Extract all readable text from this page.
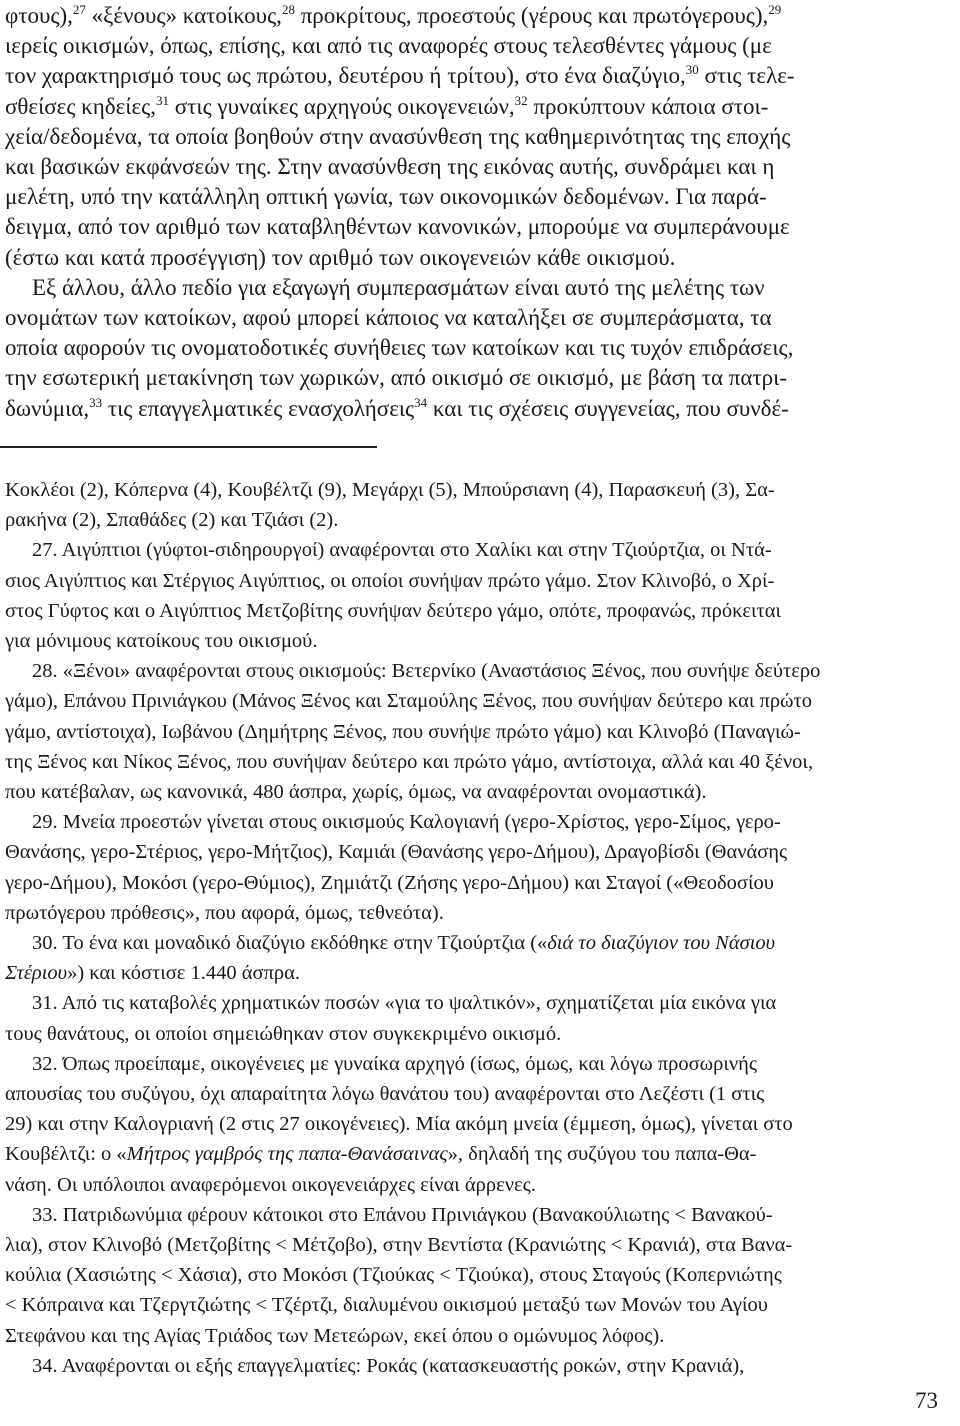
φτους),$^{27}$ «ξένους» κατοίκους,$^{28}$ προκρίτους, προεστούς (γέρους και πρωτόγερους),$^{29}$
ιερείς οικισμών, όπως, επίσης, και από τις αναφορές στους τελεσθέντες γάμους (με
τον χαρακτηρισμό τους ως πρώτου, δευτέρου ή τρίτου), στο ένα διαζύγιο,$^{30}$ στις τελε-
σθείσες κηδείες,$^{31}$ στις γυναίκες αρχηγούς οικογενειών,$^{32}$ προκύπτουν κάποια στοι-
χεία/δεδομένα, τα οποία βοηθούν στην ανασύνθεση της καθημερινότητας της εποχής
και βασικών εκφάνσεών της. Στην ανασύνθεση της εικόνας αυτής, συνδράμει και η
μελέτη, υπό την κατάλληλη οπτική γωνία, των οικονομικών δεδομένων. Για παρά-
δειγμα, από τον αριθμό των καταβληθέντων κανονικών, μπορούμε να συμπεράνουμε
(έστω και κατά προσέγγιση) τον αριθμό των οικογενειών κάθε οικισμού.
Εξ άλλου, άλλο πεδίο για εξαγωγή συμπερασμάτων είναι αυτό της μελέτης των
ονομάτων των κατοίκων, αφού μπορεί κάποιος να καταλήξει σε συμπεράσματα, τα
οποία αφορούν τις ονοματοδοτικές συνήθειες των κατοίκων και τις τυχόν επιδράσεις,
την εσωτερική μετακίνηση των χωρικών, από οικισμό σε οικισμό, με βάση τα πατρι-
δωνύμια,$^{33}$ τις επαγγελματικές ενασχολήσεις$^{34}$ και τις σχέσεις συγγενείας, που συνδέ-
Κοκλέοι (2), Κόπερνα (4), Κουβέλτζι (9), Μεγάρχι (5), Μπούρσιανη (4), Παρασκευή (3), Σα-
ρακήνα (2), Σπαθάδες (2) και Τζιάσι (2).
27. Αιγύπτιοι (γύφτοι-σιδηρουργοί) αναφέρονται στο Χαλίκι και στην Τζιούρτζια, οι Ντά-
σιος Αιγύπτιος και Στέργιος Αιγύπτιος, οι οποίοι συνήψαν πρώτο γάμο. Στον Κλινοβό, ο Χρί-
στος Γύφτος και ο Αιγύπτιος Μετζοβίτης συνήψαν δεύτερο γάμο, οπότε, προφανώς, πρόκειται
για μόνιμους κατοίκους του οικισμού.
28. «Ξένοι» αναφέρονται στους οικισμούς: Βετερνίκο (Αναστάσιος Ξένος, που συνήψε δεύτερο
γάμο), Επάνου Πρινιάγκου (Μάνος Ξένος και Σταμούλης Ξένος, που συνήψαν δεύτερο και πρώτο
γάμο, αντίστοιχα), Ιωβάνου (Δημήτρης Ξένος, που συνήψε πρώτο γάμο) και Κλινοβό (Παναγιώ-
της Ξένος και Νίκος Ξένος, που συνήψαν δεύτερο και πρώτο γάμο, αντίστοιχα, αλλά και 40 ξένοι,
που κατέβαλαν, ως κανονικά, 480 άσπρα, χωρίς, όμως, να αναφέρονται ονομαστικά).
29. Μνεία προεστών γίνεται στους οικισμούς Καλογιανή (γερο-Χρίστος, γερο-Σίμος, γερο-
Θανάσης, γερο-Στέριος, γερο-Μήτζιος), Καμιάι (Θανάσης γερο-Δήμου), Δραγοβίσδι (Θανάσης
γερο-Δήμου), Μοκόσι (γερο-Θύμιος), Ζημιάτζι (Ζήσης γερο-Δήμου) και Σταγοί («Θεοδοσίου
πρωτόγερου πρόθεσις», που αφορά, όμως, τεθνεότα).
30. Το ένα και μοναδικό διαζύγιο εκδόθηκε στην Τζιούρτζια («διά το διαζύγιον του Νάσιου
Στέριου») και κόστισε 1.440 άσπρα.
31. Από τις καταβολές χρηματικών ποσών «για το ψαλτικόν», σχηματίζεται μία εικόνα για
τους θανάτους, οι οποίοι σημειώθηκαν στον συγκεκριμένο οικισμό.
32. Όπως προείπαμε, οικογένειες με γυναίκα αρχηγό (ίσως, όμως, και λόγω προσωρινής
απουσίας του συζύγου, όχι απαραίτητα λόγω θανάτου του) αναφέρονται στο Λεζέστι (1 στις
29) και στην Καλογριανή (2 στις 27 οικογένειες). Μία ακόμη μνεία (έμμεση, όμως), γίνεται στο
Κουβέλτζι: ο «Μήτρος γαμβρός της παπα-Θανάσαινας», δηλαδή της συζύγου του παπα-Θα-
νάση. Οι υπόλοιποι αναφερόμενοι οικογενειάρχες είναι άρρενες.
33. Πατριδωνύμια φέρουν κάτοικοι στο Επάνου Πρινιάγκου (Βανακούλιωτης < Βανακού-
λια), στον Κλινοβό (Μετζοβίτης < Μέτζοβο), στην Βεντίστα (Κρανιώτης < Κρανιά), στα Βανα-
κούλια (Χασιώτης < Χάσια), στο Μοκόσι (Τζιούκας < Τζιούκα), στους Σταγούς (Κοπερνιώτης
< Κόπραινα και Τζεργτζιώτης < Τζέρτζι, διαλυμένου οικισμού μεταξύ των Μονών του Αγίου
Στεφάνου και της Αγίας Τριάδος των Μετεώρων, εκεί όπου ο ομώνυμος λόφος).
34. Αναφέρονται οι εξής επαγγελματίες: Ροκάς (κατασκευαστής ροκών, στην Κρανιά),
73
